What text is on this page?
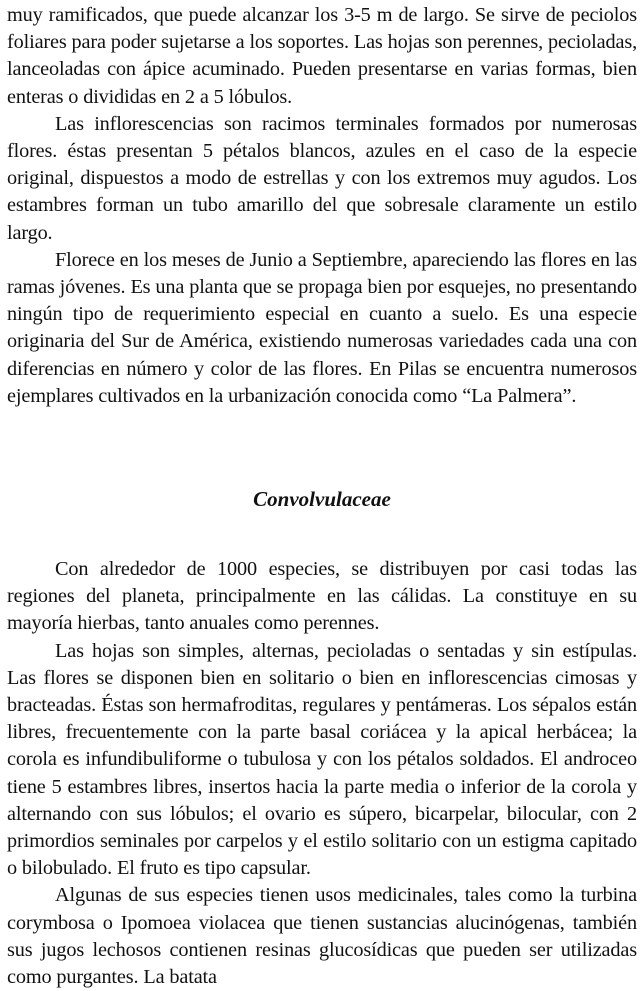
muy ramificados, que puede alcanzar los 3-5 m de largo. Se sirve de peciolos foliares para poder sujetarse a los soportes. Las hojas son perennes, pecioladas, lanceoladas con ápice acuminado. Pueden presentarse en varias formas, bien enteras o divididas en 2 a 5 lóbulos.

Las inflorescencias son racimos terminales formados por numerosas flores. éstas presentan 5 pétalos blancos, azules en el caso de la especie original, dispuestos a modo de estrellas y con los extremos muy agudos. Los estambres forman un tubo amarillo del que sobresale claramente un estilo largo.

Florece en los meses de Junio a Septiembre, apareciendo las flores en las ramas jóvenes. Es una planta que se propaga bien por esquejes, no presentando ningún tipo de requerimiento especial en cuanto a suelo. Es una especie originaria del Sur de América, existiendo numerosas variedades cada una con diferencias en número y color de las flores. En Pilas se encuentra numerosos ejemplares cultivados en la urbanización conocida como “La Palmera”.

Convolvulaceae

Con alrededor de 1000 especies, se distribuyen por casi todas las regiones del planeta, principalmente en las cálidas. La constituye en su mayoría hierbas, tanto anuales como perennes.

Las hojas son simples, alternas, pecioladas o sentadas y sin estípulas. Las flores se disponen bien en solitario o bien en inflorescencias cimosas y bracteadas. Éstas son hermafroditas, regulares y pentámeras. Los sépalos están libres, frecuentemente con la parte basal coriácea y la apical herbácea; la corola es infundibuliforme o tubulosa y con los pétalos soldados. El androceo tiene 5 estambres libres, insertos hacia la parte media o inferior de la corola y alternando con sus lóbulos; el ovario es súpero, bicarpelar, bilocular, con 2 primordios seminales por carpelos y el estilo solitario con un estigma capitado o bilobulado. El fruto es tipo capsular.

Algunas de sus especies tienen usos medicinales, tales como la turbina corymbosa o Ipomoea violacea que tienen sustancias alucinógenas, también sus jugos lechosos contienen resinas glucosídicas que pueden ser utilizadas como purgantes. La batata
